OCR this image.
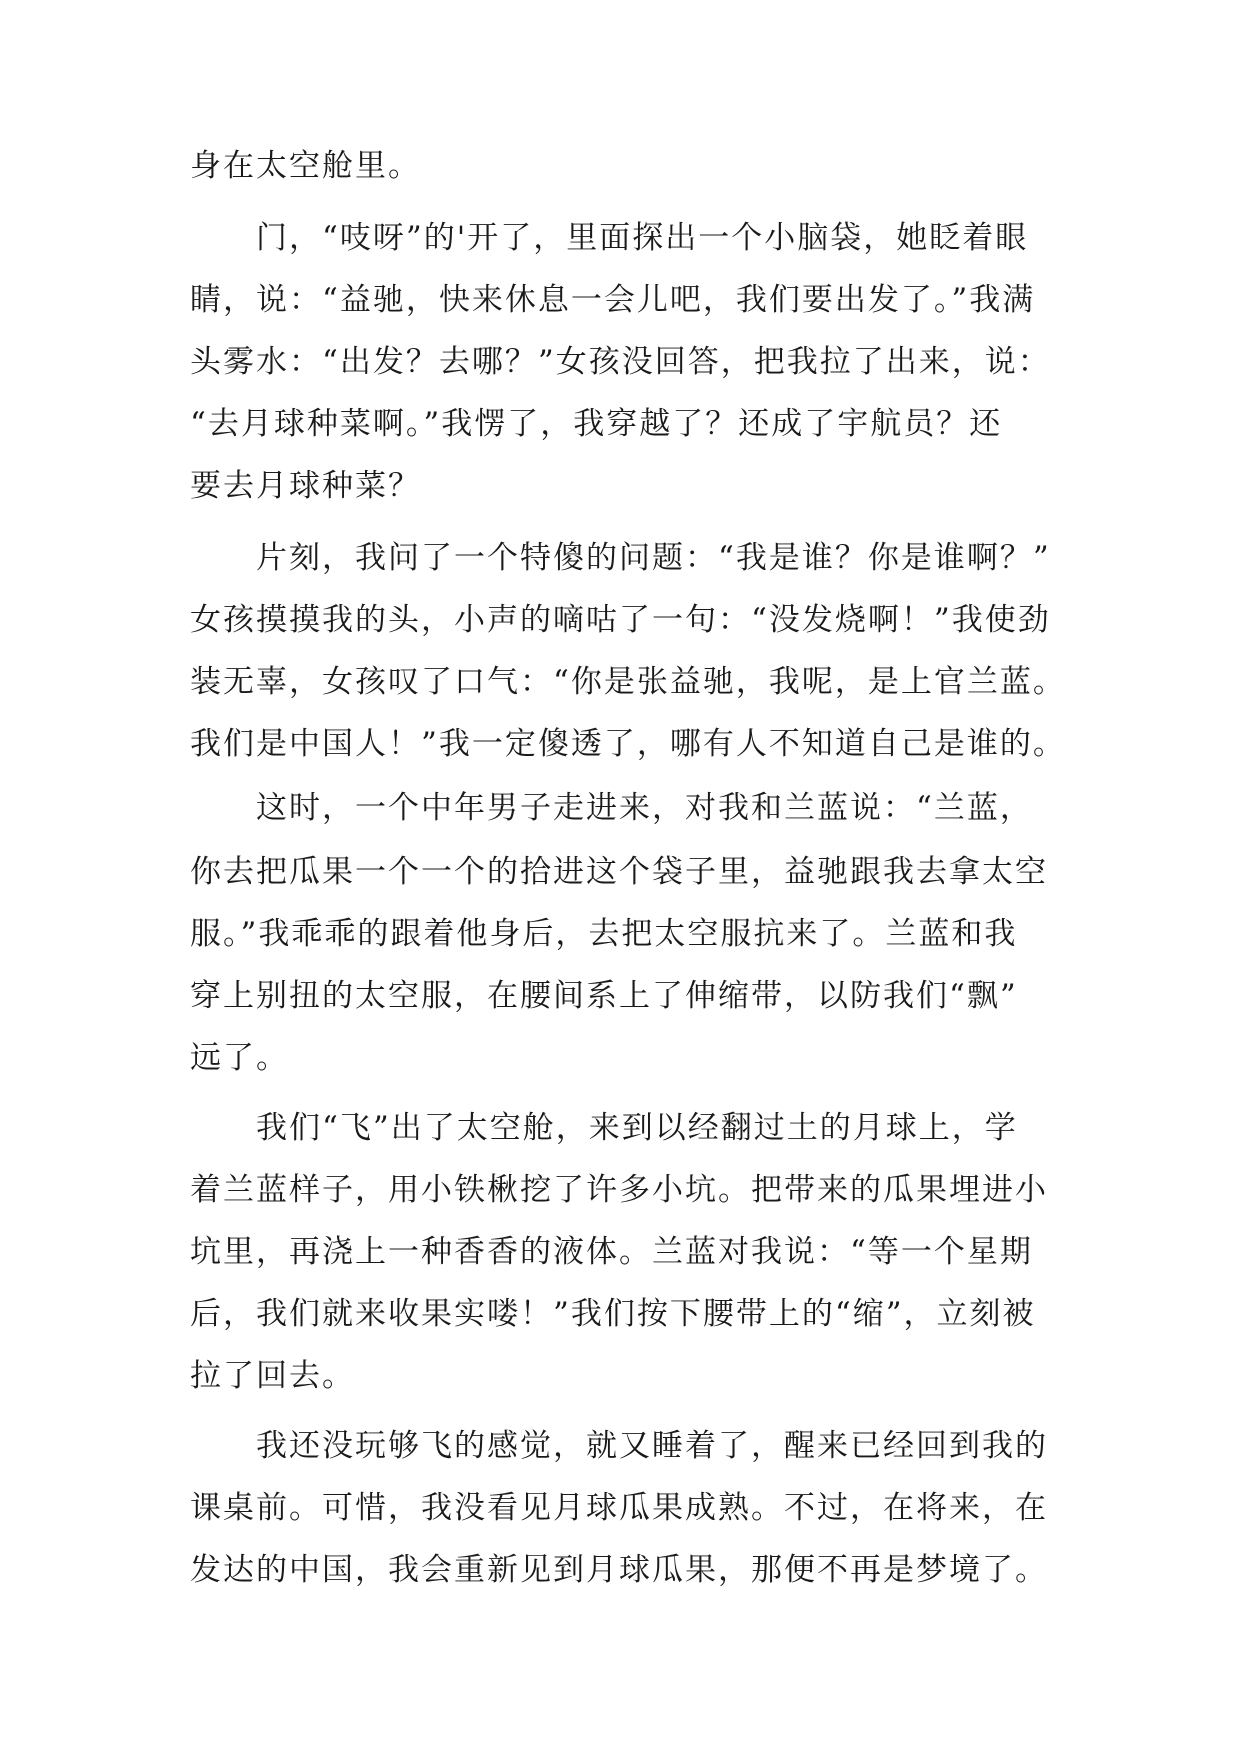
身在太空舱里。
　　门，“吱呀”的'开了，里面探出一个小脑袋，她眨着眼
睛，说：“益驰，快来休息一会儿吧，我们要出发了。”我满
头雾水：“出发？去哪？”女孩没回答，把我拉了出来，说：
“去月球种菜啊。”我愣了，我穿越了？还成了宇航员？还
要去月球种菜？
　　片刻，我问了一个特傻的问题：“我是谁？你是谁啊？”
女孩摸摸我的头，小声的嘀咕了一句：“没发烧啊！”我使劲
装无辜，女孩叹了口气：“你是张益驰，我呢，是上官兰蓝。
我们是中国人！”我一定傻透了，哪有人不知道自己是谁的。
　　这时，一个中年男子走进来，对我和兰蓝说：“兰蓝，
你去把瓜果一个一个的拾进这个袋子里，益驰跟我去拿太空
服。”我乖乖的跟着他身后，去把太空服抗来了。兰蓝和我
穿上别扭的太空服，在腰间系上了伸缩带，以防我们“飘”
远了。
　　我们“飞”出了太空舱，来到以经翻过土的月球上，学
着兰蓝样子，用小铁楸挖了许多小坑。把带来的瓜果埋进小
坑里，再浇上一种香香的液体。兰蓝对我说：“等一个星期
后，我们就来收果实喽！”我们按下腰带上的“缩”，立刻被
拉了回去。
　　我还没玩够飞的感觉，就又睡着了，醒来已经回到我的
课桌前。可惜，我没看见月球瓜果成熟。不过，在将来，在
发达的中国，我会重新见到月球瓜果，那便不再是梦境了。
